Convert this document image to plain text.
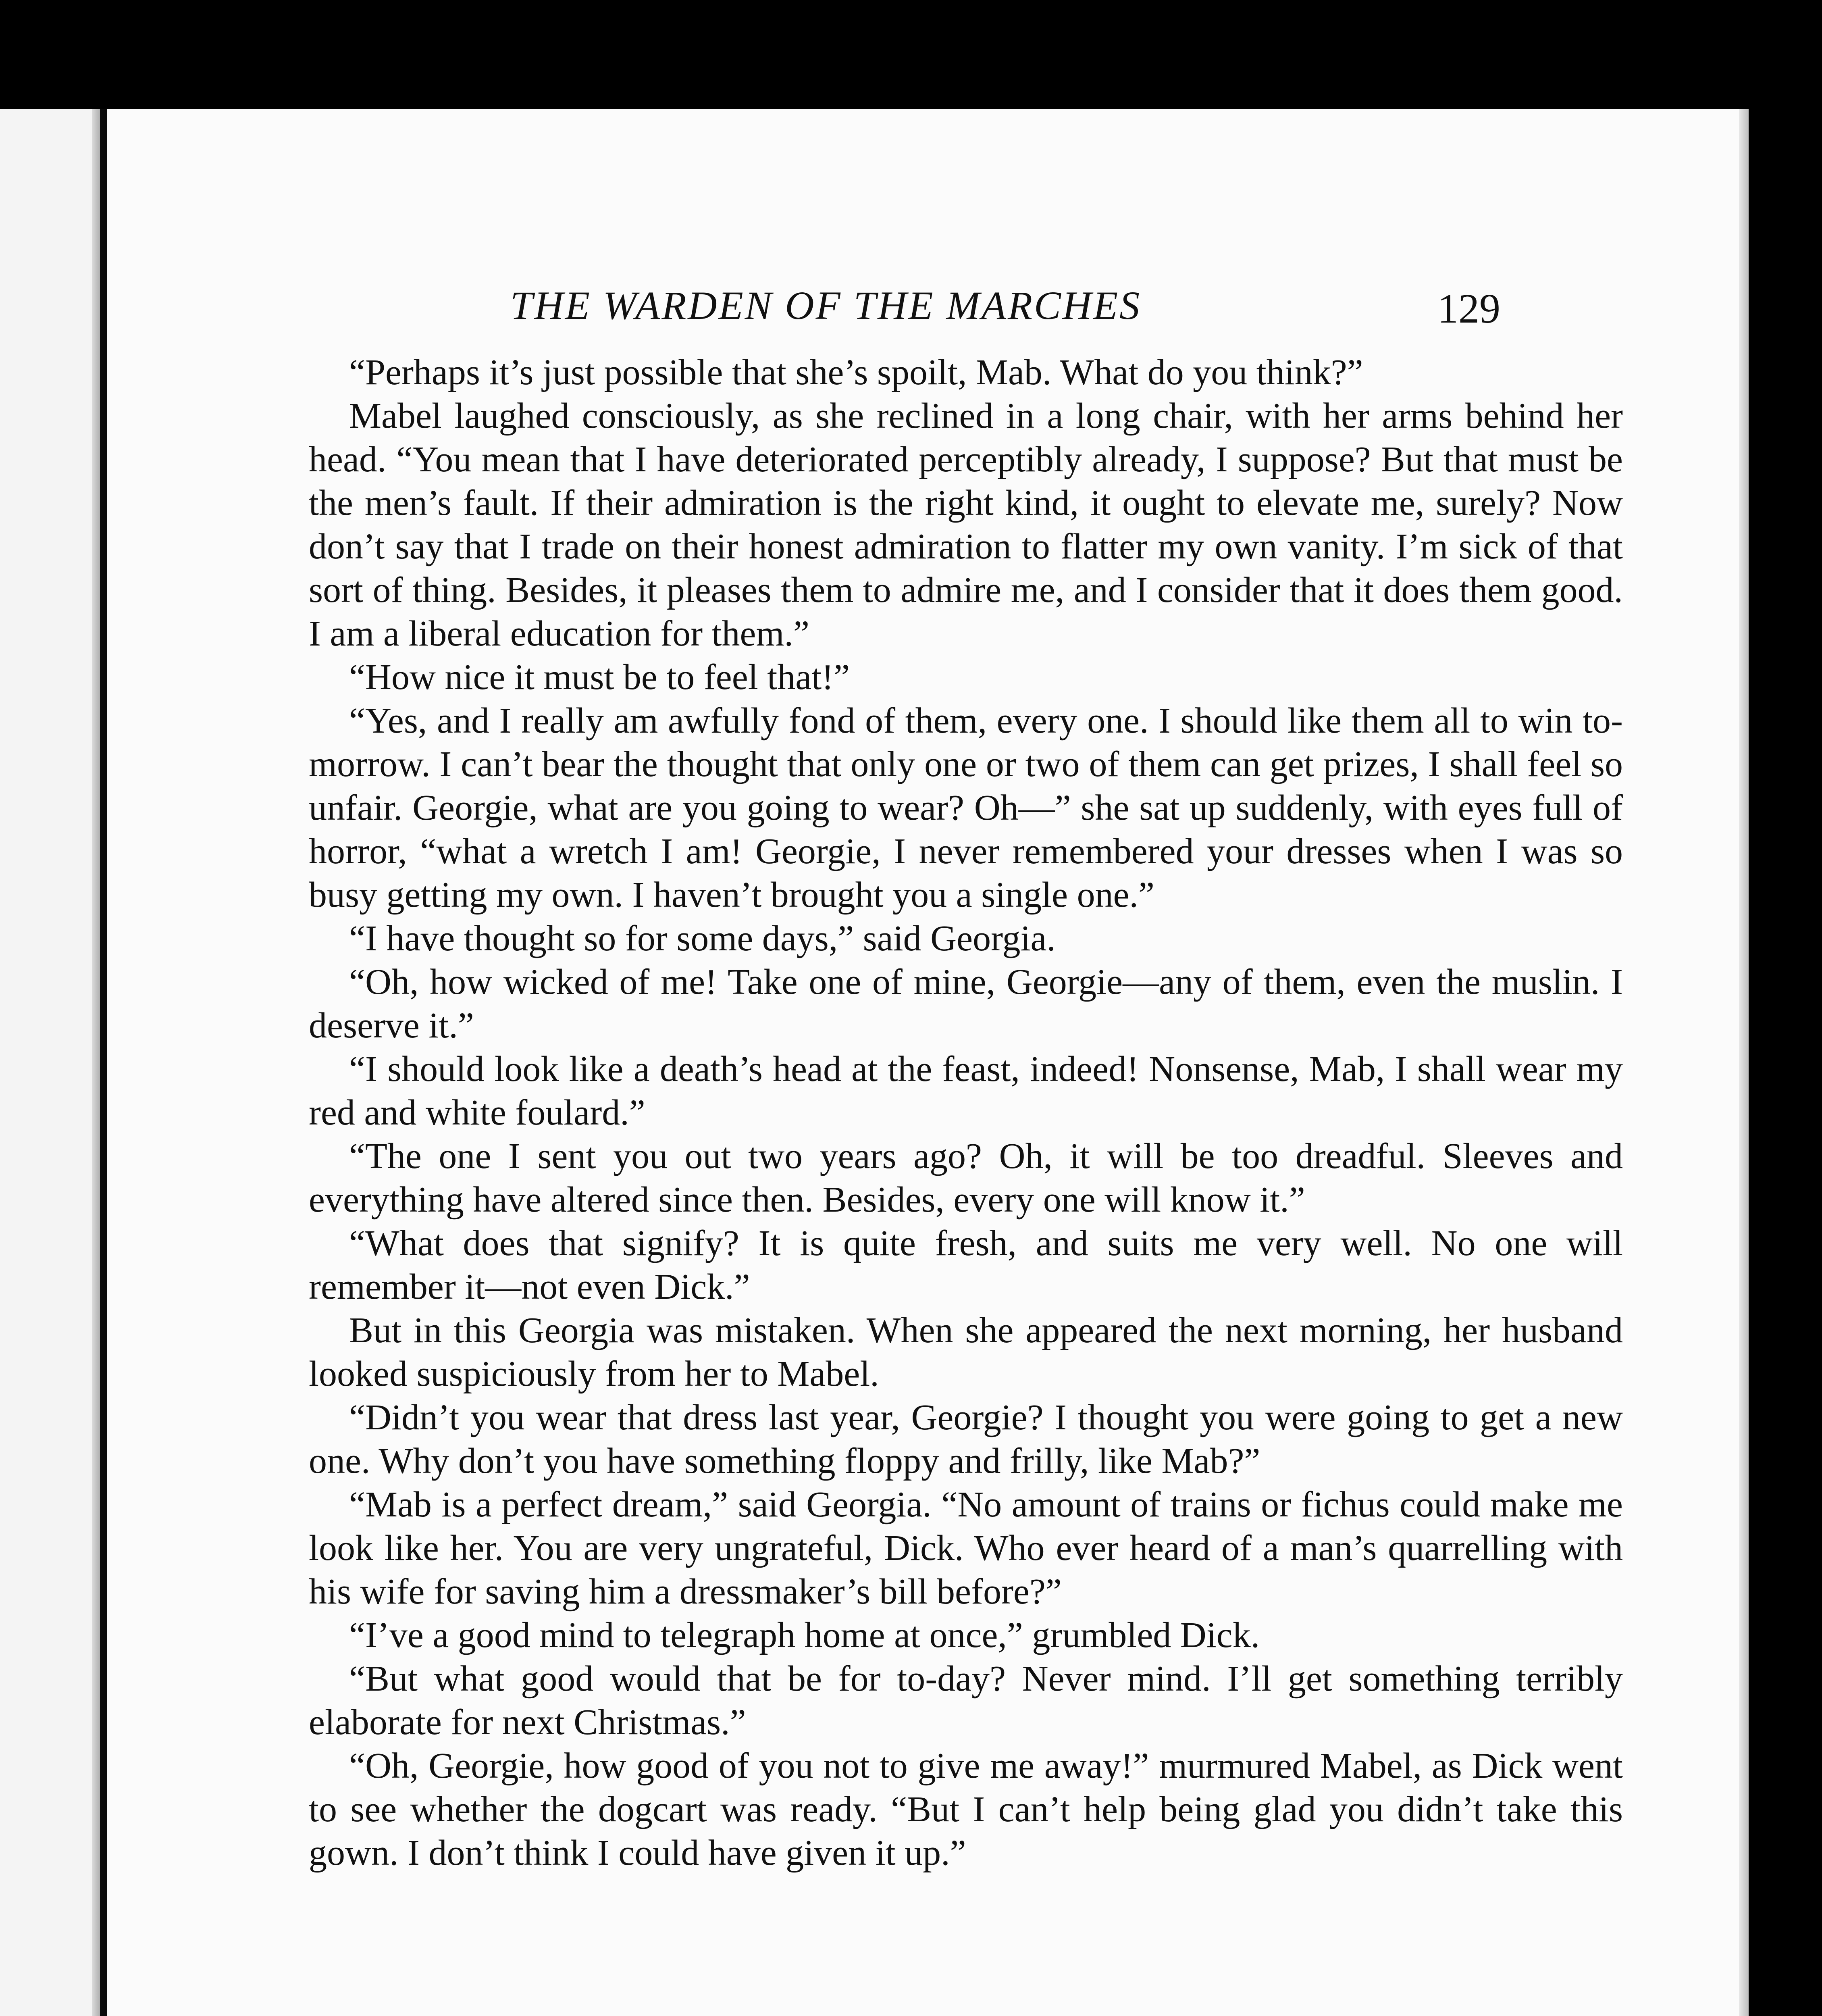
THE WARDEN OF THE MARCHES	129

“Perhaps it’s just possible that she’s spoilt, Mab. What do you think?”

Mabel laughed consciously, as she reclined in a long chair, with her arms behind her head. “You mean that I have deteriorated perceptibly already, I suppose? But that must be the men’s fault. If their admiration is the right kind, it ought to elevate me, surely? Now don’t say that I trade on their honest admiration to flatter my own vanity. I’m sick of that sort of thing. Besides, it pleases them to admire me, and I consider that it does them good. I am a liberal education for them.”

“How nice it must be to feel that!”

“Yes, and I really am awfully fond of them, every one. I should like them all to win to-morrow. I can’t bear the thought that only one or two of them can get prizes, I shall feel so unfair. Georgie, what are you going to wear? Oh—” she sat up suddenly, with eyes full of horror, “what a wretch I am! Georgie, I never remembered your dresses when I was so busy getting my own. I haven’t brought you a single one.”

“I have thought so for some days,” said Georgia.

“Oh, how wicked of me! Take one of mine, Georgie—any of them, even the muslin. I deserve it.”

“I should look like a death’s head at the feast, indeed! Nonsense, Mab, I shall wear my red and white foulard.”

“The one I sent you out two years ago? Oh, it will be too dreadful. Sleeves and everything have altered since then. Besides, every one will know it.”

“What does that signify? It is quite fresh, and suits me very well. No one will remember it—not even Dick.”

But in this Georgia was mistaken. When she appeared the next morning, her husband looked suspiciously from her to Mabel.

“Didn’t you wear that dress last year, Georgie? I thought you were going to get a new one. Why don’t you have something floppy and frilly, like Mab?”

“Mab is a perfect dream,” said Georgia. “No amount of trains or fichus could make me look like her. You are very ungrateful, Dick. Who ever heard of a man’s quarrelling with his wife for saving him a dressmaker’s bill before?”

“I’ve a good mind to telegraph home at once,” grumbled Dick.

“But what good would that be for to-day? Never mind. I’ll get something terribly elaborate for next Christmas.”

“Oh, Georgie, how good of you not to give me away!” murmured Mabel, as Dick went to see whether the dogcart was ready. “But I can’t help being glad you didn’t take this gown. I don’t think I could have given it up.”
